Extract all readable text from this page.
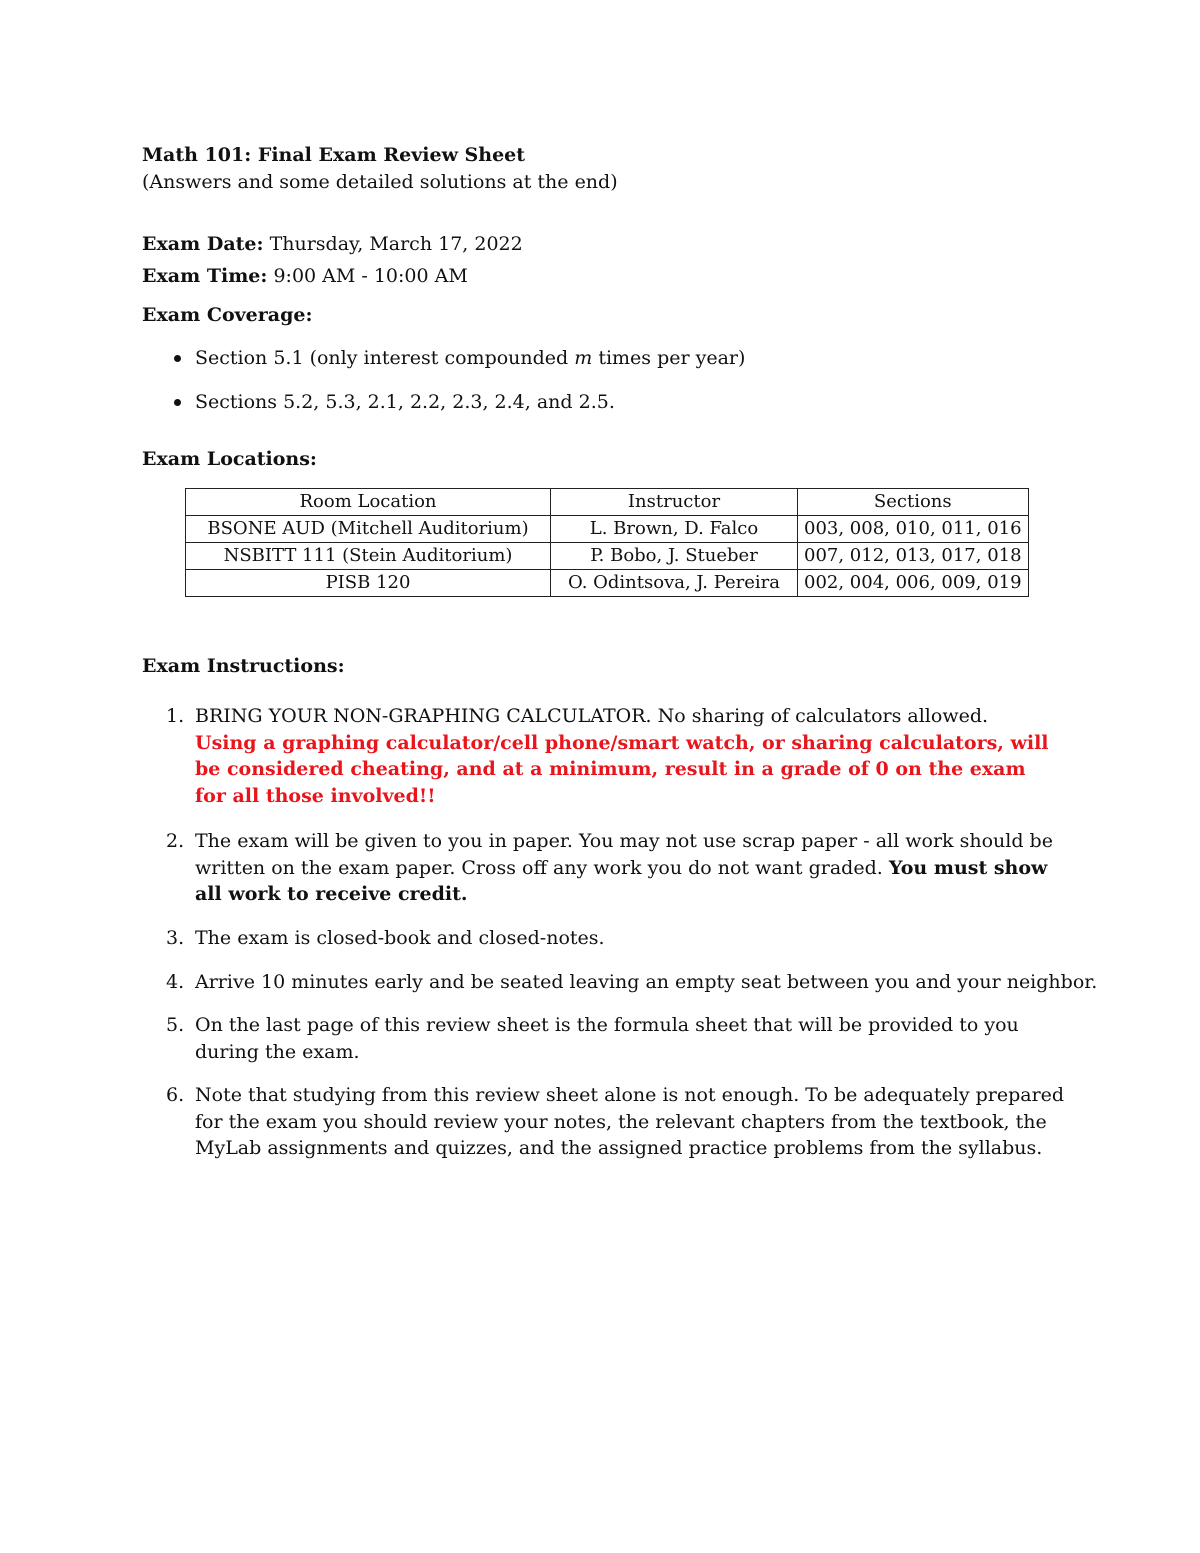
Math 101: Final Exam Review Sheet
(Answers and some detailed solutions at the end)
Exam Date: Thursday, March 17, 2022
Exam Time: 9:00 AM - 10:00 AM
Exam Coverage:
Section 5.1 (only interest compounded m times per year)
Sections 5.2, 5.3, 2.1, 2.2, 2.3, 2.4, and 2.5.
Exam Locations:
Room Location	Instructor	Sections
BSONE AUD (Mitchell Auditorium)	L. Brown, D. Falco	003, 008, 010, 011, 016
NSBITT 111 (Stein Auditorium)	P. Bobo, J. Stueber	007, 012, 013, 017, 018
PISB 120	O. Odintsova, J. Pereira	002, 004, 006, 009, 019
Exam Instructions:
1. BRING YOUR NON-GRAPHING CALCULATOR. No sharing of calculators allowed.
Using a graphing calculator/cell phone/smart watch, or sharing calculators, will
be considered cheating, and at a minimum, result in a grade of 0 on the exam
for all those involved!!
2. The exam will be given to you in paper. You may not use scrap paper - all work should be
written on the exam paper. Cross off any work you do not want graded. You must show
all work to receive credit.
3. The exam is closed-book and closed-notes.
4. Arrive 10 minutes early and be seated leaving an empty seat between you and your neighbor.
5. On the last page of this review sheet is the formula sheet that will be provided to you
during the exam.
6. Note that studying from this review sheet alone is not enough. To be adequately prepared
for the exam you should review your notes, the relevant chapters from the textbook, the
MyLab assignments and quizzes, and the assigned practice problems from the syllabus.
